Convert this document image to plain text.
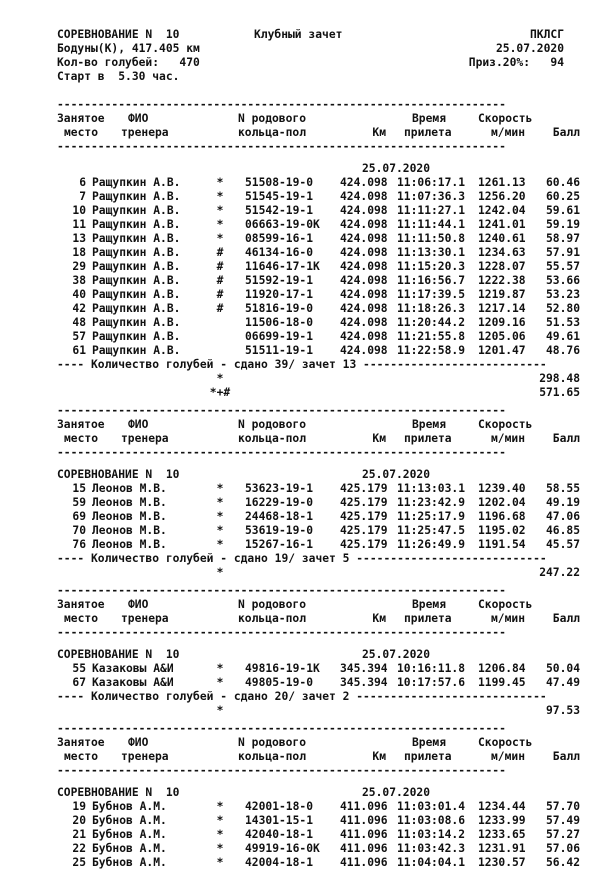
СОРЕВНОВАНИЕ N  10

	Клубный зачет

	ПКЛСГ

Бодуны(К), 417.405 км

	25.07.2020

Кол-во голубей:   470

	Приз.20%:   94

Старт в  5.30 час.

------------------------------------------------------------------
Занятое ФИО	N родового	Время	Скорость
место тренера	кольца-пол	Км прилета	м/мин	Балл
------------------------------------------------------------------
25.07.2020
6 Ращупкин А.В.	*	51508-19-0 424.098 11:06:17.1 1261.13	60.46
7 Ращупкин А.В.	*	51545-19-1 424.098 11:07:36.3 1256.20	60.25
10 Ращупкин А.В.	*	51542-19-1 424.098 11:11:27.1 1242.04	59.61
11 Ращупкин А.В.	*	06663-19-0K 424.098 11:11:44.1 1241.01	59.19
13 Ращупкин А.В.	*	08599-16-1 424.098 11:11:50.8 1240.61	58.97
18 Ращупкин А.В.	#	46134-16-0 424.098 11:13:30.1 1234.63	57.91
29 Ращупкин А.В.	#	11646-17-1K 424.098 11:15:20.3 1228.07	55.57
38 Ращупкин А.В.	#	51592-19-1 424.098 11:16:56.7 1222.38	53.66
40 Ращупкин А.В.	#	11920-17-1 424.098 11:17:39.5 1219.87	53.23
42 Ращупкин А.В.	#	51816-19-0 424.098 11:18:26.3 1217.14	52.80
48 Ращупкин А.В.	11506-18-0 424.098 11:20:44.2 1209.16	51.53
57 Ращупкин А.В.	06699-19-1 424.098 11:21:55.8 1205.06	49.61
61 Ращупкин А.В.	51511-19-1 424.098 11:22:58.9 1201.47	48.76
---- Количество голубей - сдано 39/ зачет 13 ---------------------------
*	298.48
*+#	571.65
------------------------------------------------------------------
Занятое ФИО	N родового	Время	Скорость
место тренера	кольца-пол	Км прилета	м/мин	Балл
------------------------------------------------------------------
СОРЕВНОВАНИЕ N  10	25.07.2020
15 Леонов М.В.	*	53623-19-1 425.179 11:13:03.1 1239.40	58.55
59 Леонов М.В.	*	16229-19-0 425.179 11:23:42.9 1202.04	49.19
69 Леонов М.В.	*	24468-18-1 425.179 11:25:17.9 1196.68	47.06
70 Леонов М.В.	*	53619-19-0 425.179 11:25:47.5 1195.02	46.85
76 Леонов М.В.	*	15267-16-1 425.179 11:26:49.9 1191.54	45.57
---- Количество голубей - сдано 19/ зачет 5 ----------------------------
*	247.22
------------------------------------------------------------------
Занятое ФИО	N родового	Время	Скорость
место тренера	кольца-пол	Км прилета	м/мин	Балл
------------------------------------------------------------------
СОРЕВНОВАНИЕ N  10	25.07.2020
55 Казаковы А&И	*	49816-19-1K 345.394 10:16:11.8 1206.84	50.04
67 Казаковы А&И	*	49805-19-0 345.394 10:17:57.6 1199.45	47.49
---- Количество голубей - сдано 20/ зачет 2 ----------------------------
*	97.53
------------------------------------------------------------------
Занятое ФИО	N родового	Время	Скорость
место тренера	кольца-пол	Км прилета	м/мин	Балл
------------------------------------------------------------------
СОРЕВНОВАНИЕ N  10	25.07.2020
19 Бубнов А.М.	*	42001-18-0 411.096 11:03:01.4 1234.44	57.70
20 Бубнов А.М.	*	14301-15-1 411.096 11:03:08.6 1233.99	57.49
21 Бубнов А.М.	*	42040-18-1 411.096 11:03:14.2 1233.65	57.27
22 Бубнов А.М.	*	49919-16-0K 411.096 11:03:42.3 1231.91	57.06
25 Бубнов А.М.	*	42004-18-1 411.096 11:04:04.1 1230.57	56.42
